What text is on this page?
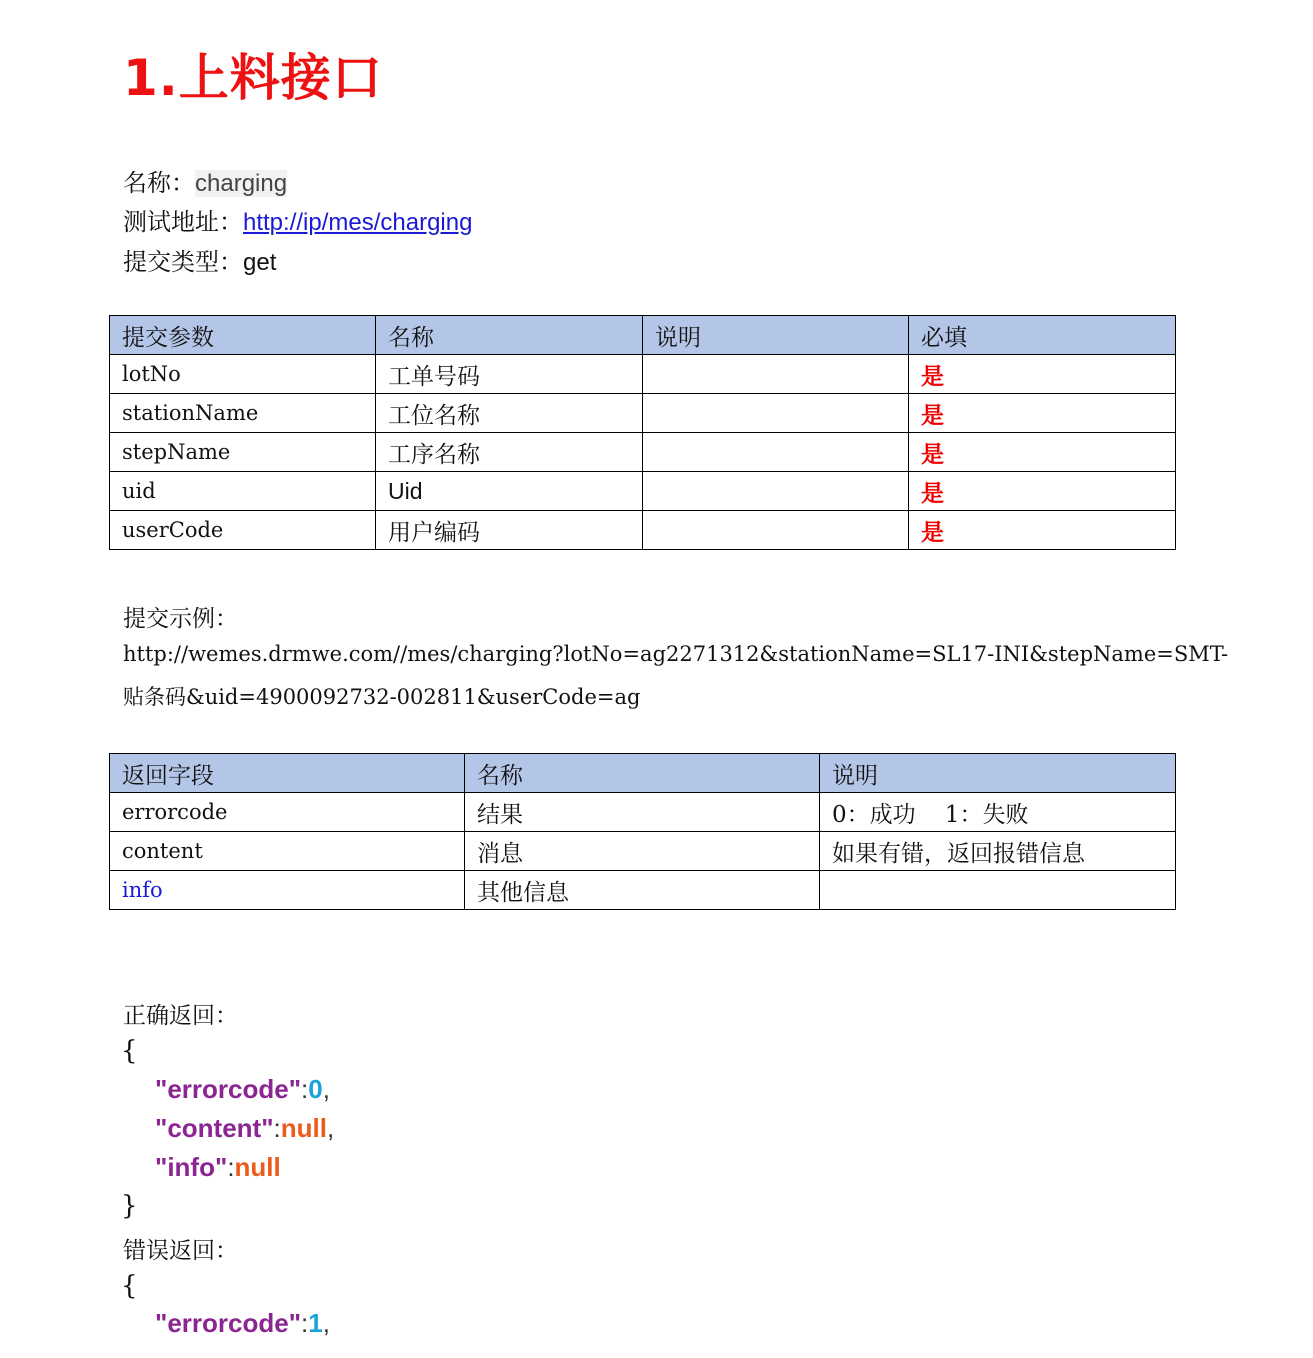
1.上料接口
名称：charging
测试地址：http://ip/mes/charging
提交类型：get
提交参数	名称	说明	必填
lotNo	工单号码		是
stationName	工位名称		是
stepName	工序名称		是
uid	Uid		是
userCode	用户编码		是
提交示例：
http://wemes.drmwe.com//mes/charging?lotNo=ag2271312&stationName=SL17-INI&stepName=SMT-
贴条码&uid=4900092732-002811&userCode=ag
返回字段	名称	说明
errorcode	结果	0：成功    1：失败
content	消息	如果有错，返回报错信息
info	其他信息	
正确返回：
{
"errorcode":0,
"content":null,
"info":null
}
错误返回：
{
"errorcode":1,
